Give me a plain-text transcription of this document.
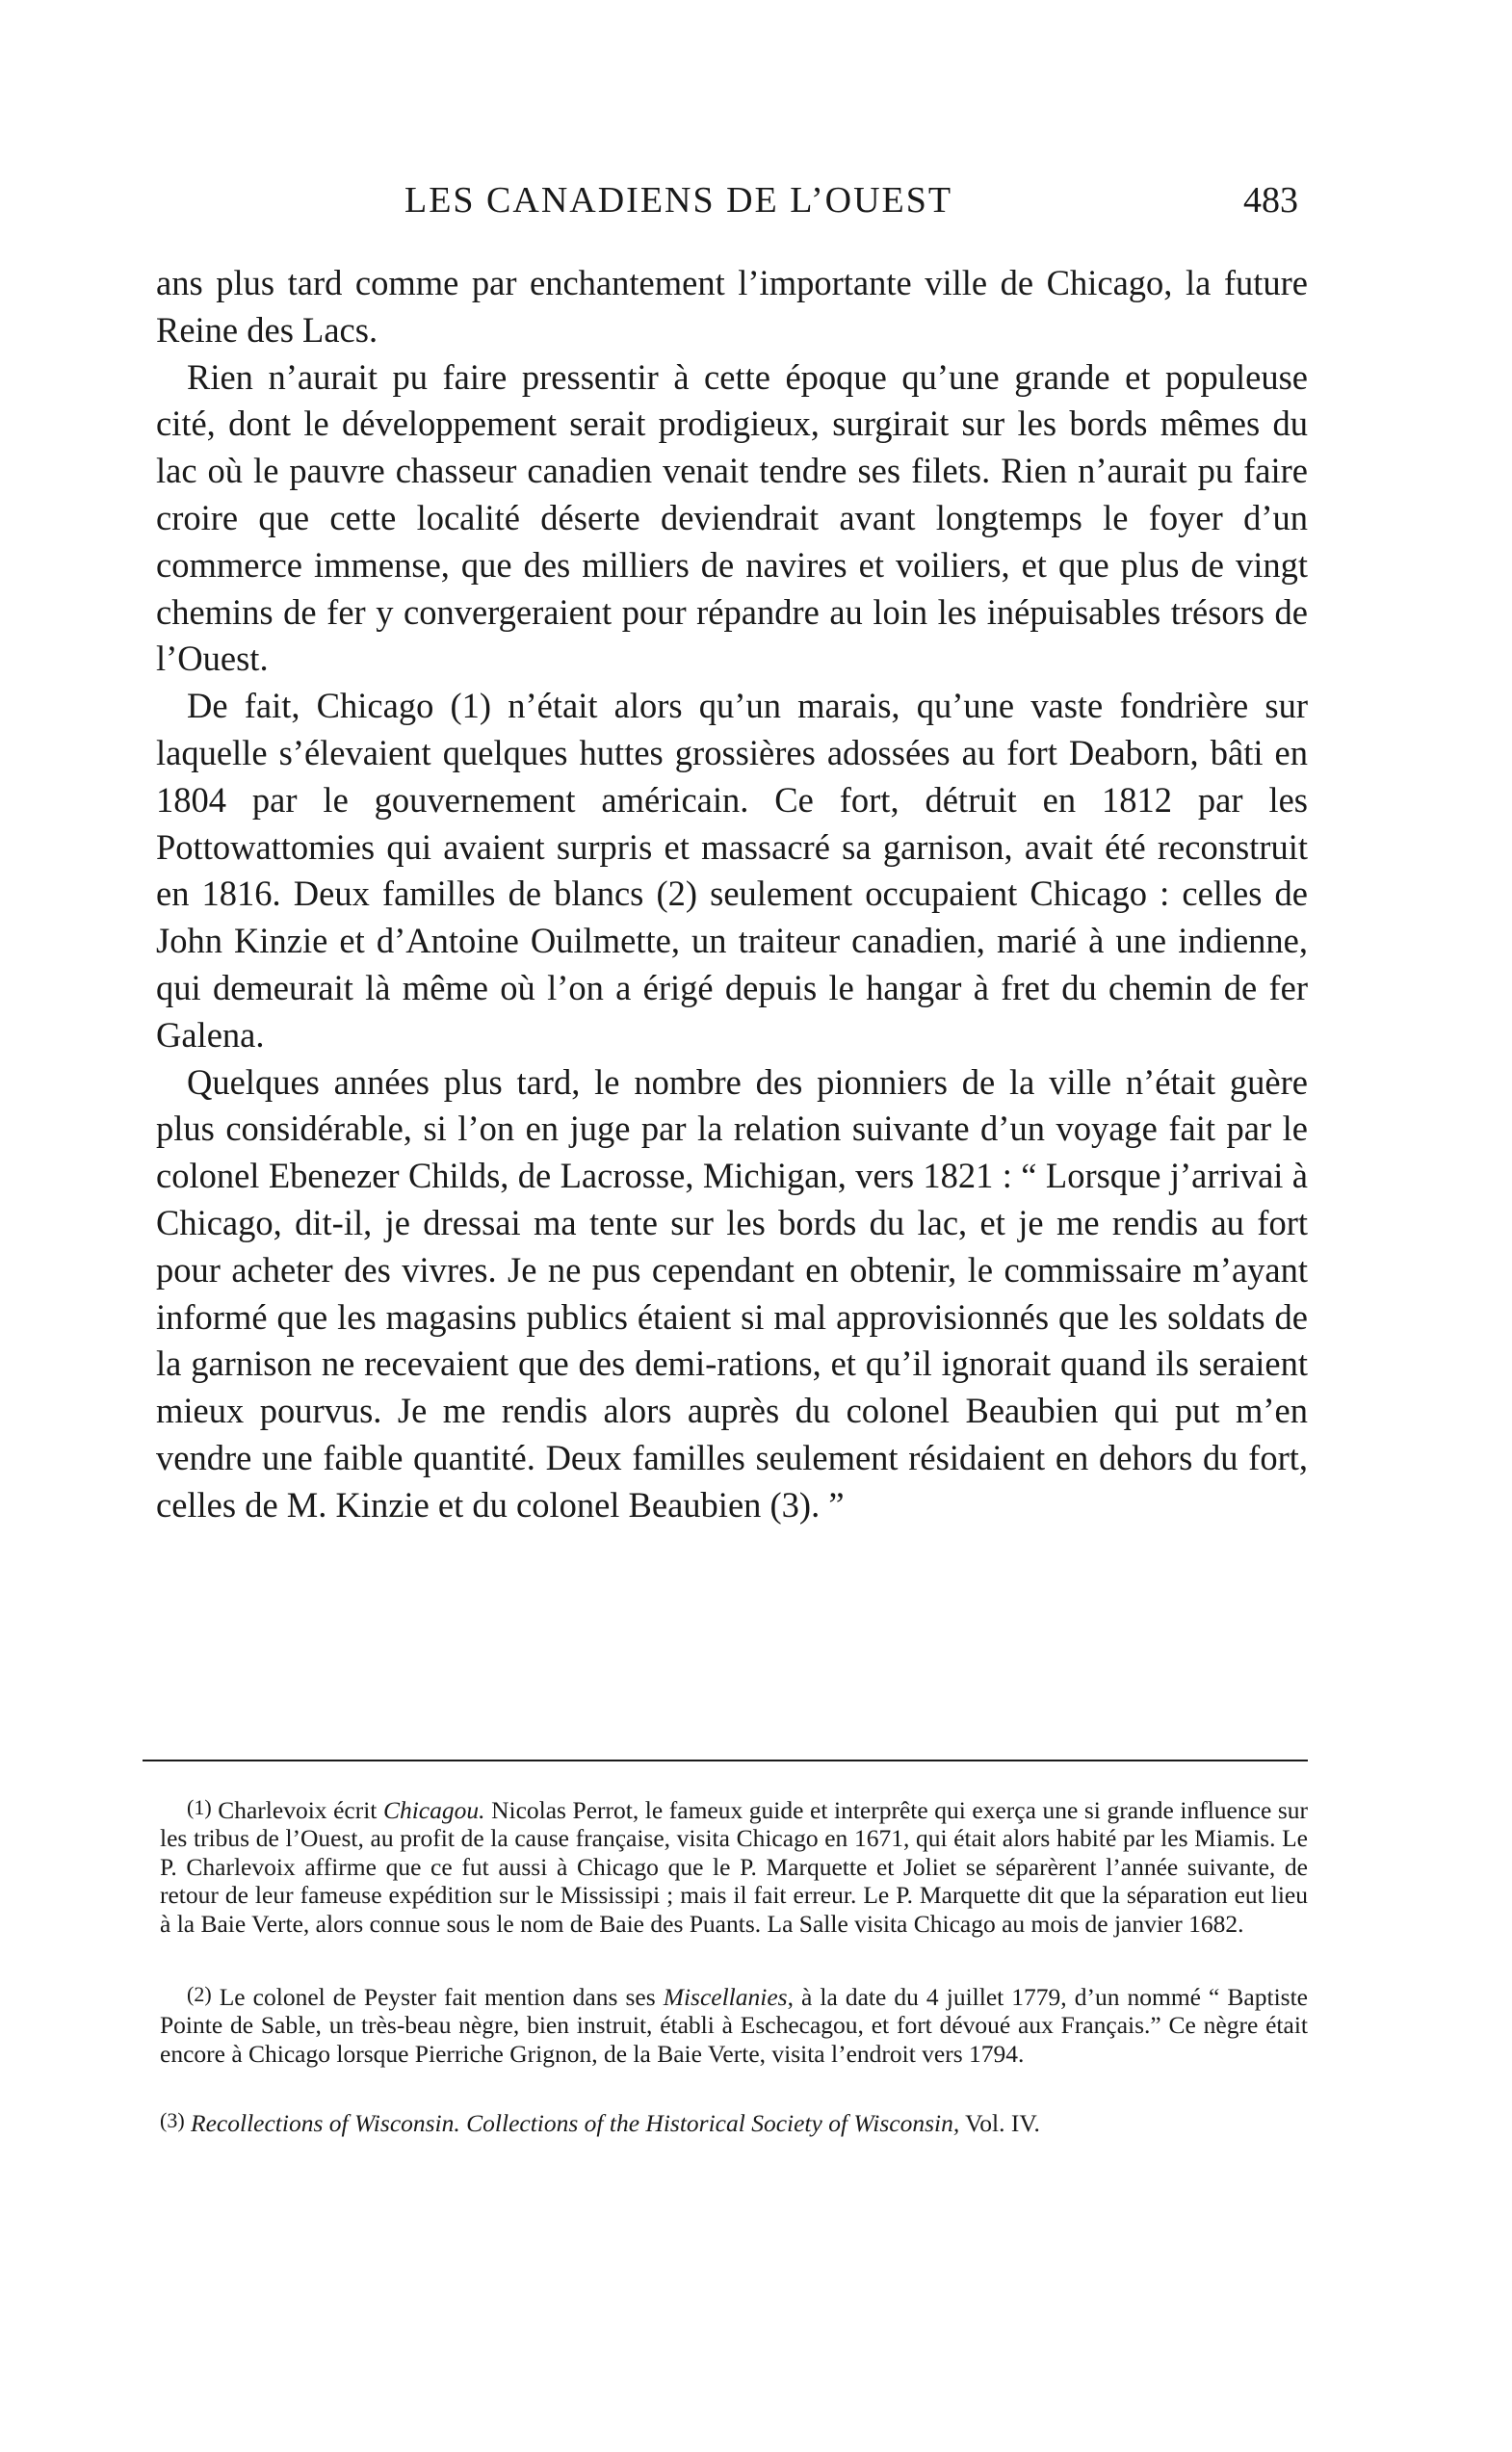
LES CANADIENS DE L’OUEST	483

ans plus tard comme par enchantement l’importante ville de Chicago, la future Reine des Lacs.

Rien n’aurait pu faire pressentir à cette époque qu’une grande et populeuse cité, dont le développement serait prodigieux, surgirait sur les bords mêmes du lac où le pauvre chasseur canadien venait tendre ses filets. Rien n’aurait pu faire croire que cette localité déserte deviendrait avant longtemps le foyer d’un commerce immense, que des milliers de navires et voiliers, et que plus de vingt chemins de fer y convergeraient pour répandre au loin les inépuisables trésors de l’Ouest.

De fait, Chicago (1) n’était alors qu’un marais, qu’une vaste fondrière sur laquelle s’élevaient quelques huttes grossières adossées au fort Deaborn, bâti en 1804 par le gouvernement américain. Ce fort, détruit en 1812 par les Pottowattomies qui avaient surpris et massacré sa garnison, avait été reconstruit en 1816. Deux familles de blancs (2) seulement occupaient Chicago : celles de John Kinzie et d’Antoine Ouilmette, un traiteur canadien, marié à une indienne, qui demeurait là même où l’on a érigé depuis le hangar à fret du chemin de fer Galena.

Quelques années plus tard, le nombre des pionniers de la ville n’était guère plus considérable, si l’on en juge par la relation suivante d’un voyage fait par le colonel Ebenezer Childs, de Lacrosse, Michigan, vers 1821 : “ Lorsque j’arrivai à Chicago, dit-il, je dressai ma tente sur les bords du lac, et je me rendis au fort pour acheter des vivres. Je ne pus cependant en obtenir, le commissaire m’ayant informé que les magasins publics étaient si mal approvisionnés que les soldats de la garnison ne recevaient que des demi-rations, et qu’il ignorait quand ils seraient mieux pourvus. Je me rendis alors auprès du colonel Beaubien qui put m’en vendre une faible quantité. Deux familles seulement résidaient en dehors du fort, celles de M. Kinzie et du colonel Beaubien (3). ”

(1) Charlevoix écrit Chicagou. Nicolas Perrot, le fameux guide et interprête qui exerça une si grande influence sur les tribus de l’Ouest, au profit de la cause française, visita Chicago en 1671, qui était alors habité par les Miamis. Le P. Charlevoix affirme que ce fut aussi à Chicago que le P. Marquette et Joliet se séparèrent l’année suivante, de retour de leur fameuse expédition sur le Mississipi ; mais il fait erreur. Le P. Marquette dit que la séparation eut lieu à la Baie Verte, alors connue sous le nom de Baie des Puants. La Salle visita Chicago au mois de janvier 1682.

(2) Le colonel de Peyster fait mention dans ses Miscellanies, à la date du 4 juillet 1779, d’un nommé “ Baptiste Pointe de Sable, un très-beau nègre, bien instruit, établi à Eschecagou, et fort dévoué aux Français.” Ce nègre était encore à Chicago lorsque Pierriche Grignon, de la Baie Verte, visita l’endroit vers 1794.

(3) Recollections of Wisconsin. Collections of the Historical Society of Wisconsin, Vol. IV.
